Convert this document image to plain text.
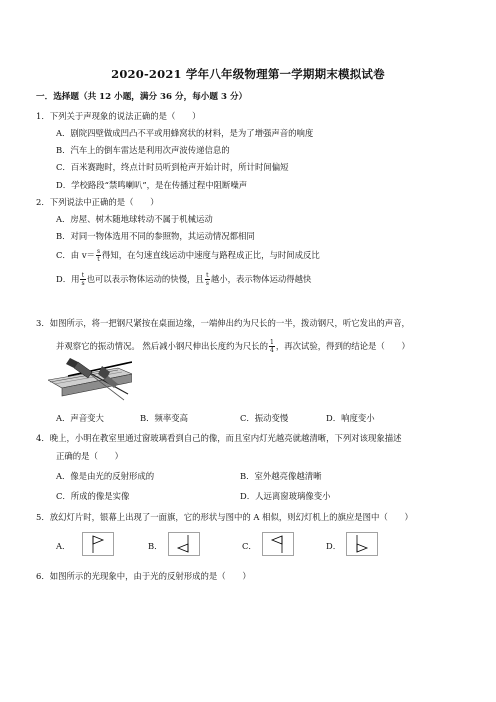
2020-2021 学年八年级物理第一学期期末模拟试卷
一．选择题（共 12 小题，满分 36 分，每小题 3 分）
1．下列关于声现象的说法正确的是（　　）
A．剧院四壁做成凹凸不平或用蜂窝状的材料，是为了增强声音的响度
B．汽车上的倒车雷达是利用次声波传递信息的
C．百米赛跑时，终点计时员听到枪声开始计时，所计时间偏短
D．学校路段“禁鸣喇叭”，是在传播过程中阻断噪声
2．下列说法中正确的是（　　）
A．房屋、树木随地球转动不属于机械运动
B．对同一物体选用不同的参照物，其运动情况都相同
C．由 $v= \frac{s}{t}$ 得知，在匀速直线运动中速度与路程成正比，与时间成反比
D．用 $\frac{t}{s}$ 也可以表示物体运动的快慢，且 $\frac{t}{s}$ 越小，表示物体运动得越快
3．如图所示，将一把钢尺紧按在桌面边缘，一端伸出约为尺长的一半，拨动钢尺，听它发出的声音，
并观察它的振动情况。 然后减小钢尺伸出长度约为尺长的 $\frac{1}{4}$ ，再次试验，得到的结论是（　　）
A．声音变大	B．频率变高	C．振动变慢	D．响度变小
4．晚上，小明在教室里通过窗玻璃看到自己的像，而且室内灯光越亮就越清晰，下列对该现象描述
正确的是（　　）
A．像是由光的反射形成的	B．室外越亮像越清晰
C．所成的像是实像	D．人远离窗玻璃像变小
5．放幻灯片时，银幕上出现了一面旗，它的形状与图中的 A 相似，则幻灯机上的旗应是图中（　　）
A．	B．	C．	D．
6．如图所示的光现象中，由于光的反射形成的是（　　）
